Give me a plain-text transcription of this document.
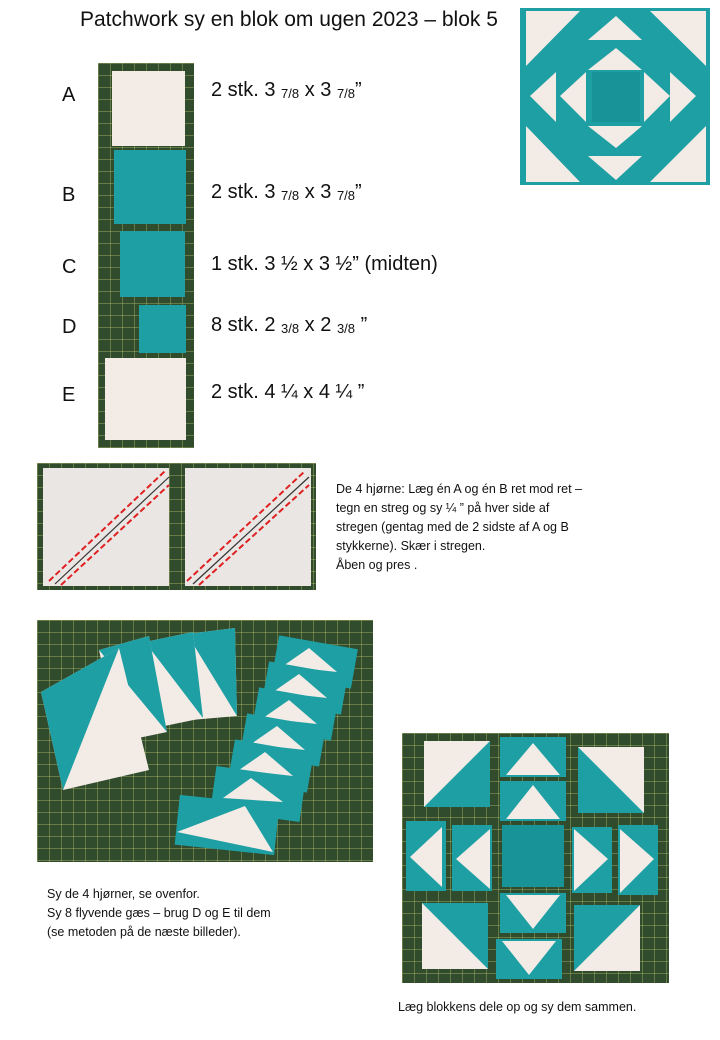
Patchwork sy en blok om ugen 2023 – blok 5
A
B
C
D
E
2 stk. 3 $_{7/8}$ x 3 $_{7/8}$”
2 stk. 3 $_{7/8}$ x 3 $_{7/8}$”
1 stk. 3 ½ x 3 ½” (midten)
8 stk. 2 $_{3/8}$ x 2 $_{3/8}$ ”
2 stk. 4 ¼ x 4 ¼ ”
De 4 hjørne: Læg én A og én B ret mod ret –
tegn en streg og sy ¼ ” på hver side af
stregen (gentag med de 2 sidste af A og B
stykkerne). Skær i stregen.
Åben og pres .
Sy de 4 hjørner, se ovenfor.
Sy 8 flyvende gæs – brug D og E til dem
(se metoden på de næste billeder).
Læg blokkens dele op og sy dem sammen.
